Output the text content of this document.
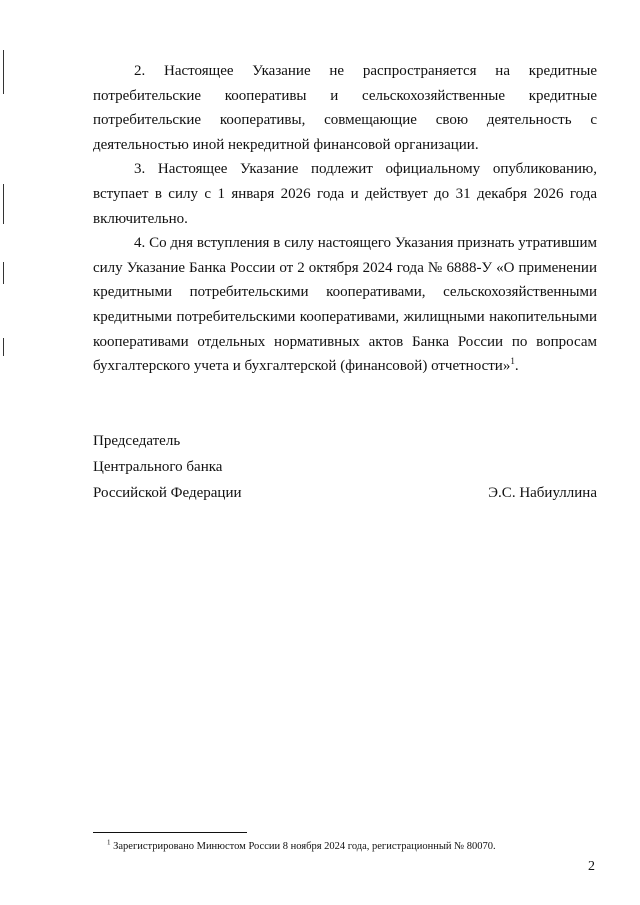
2. Настоящее Указание не распространяется на кредитные потребительские кооперативы и сельскохозяйственные кредитные потребительские кооперативы, совмещающие свою деятельность с деятельностью иной некредитной финансовой организации.

3. Настоящее Указание подлежит официальному опубликованию, вступает в силу с 1 января 2026 года и действует до 31 декабря 2026 года включительно.

4. Со дня вступления в силу настоящего Указания признать утратившим силу Указание Банка России от 2 октября 2024 года № 6888-У «О применении кредитными потребительскими кооперативами, сельскохозяйственными кредитными потребительскими кооперативами, жилищными накопительными кооперативами отдельных нормативных актов Банка России по вопросам бухгалтерского учета и бухгалтерской (финансовой) отчетности»$^1$.

Председатель
Центрального банка
Российской Федерации	Э.С. Набиуллина
$^1$ Зарегистрировано Минюстом России 8 ноября 2024 года, регистрационный № 80070.
2
